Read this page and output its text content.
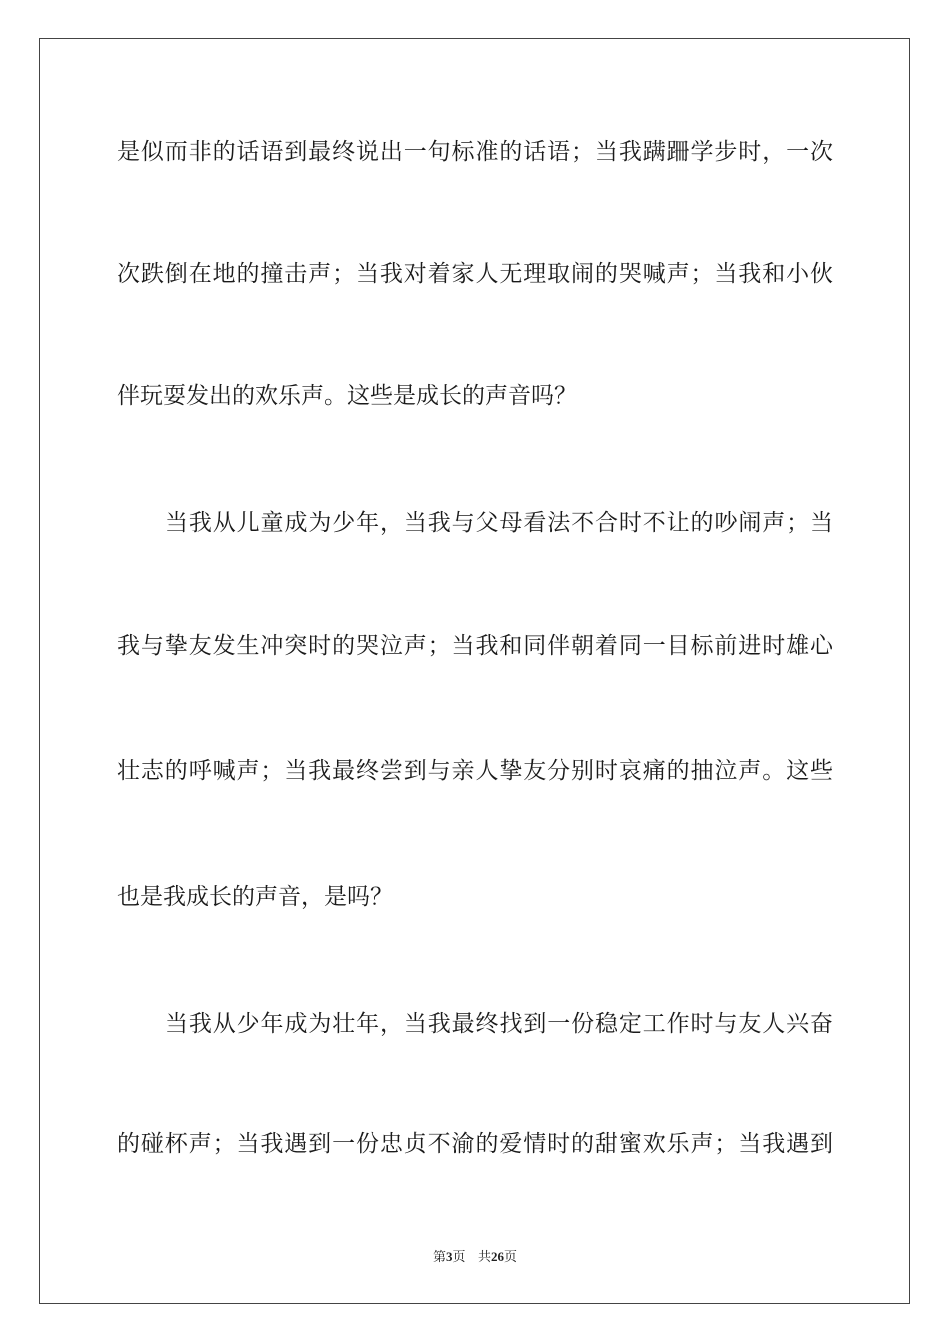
是似而非的话语到最终说出一句标准的话语；当我蹒跚学步时，一次
次跌倒在地的撞击声；当我对着家人无理取闹的哭喊声；当我和小伙
伴玩耍发出的欢乐声。这些是成长的声音吗？
当我从儿童成为少年，当我与父母看法不合时不让的吵闹声；当
我与挚友发生冲突时的哭泣声；当我和同伴朝着同一目标前进时雄心
壮志的呼喊声；当我最终尝到与亲人挚友分别时哀痛的抽泣声。这些
也是我成长的声音，是吗？
当我从少年成为壮年，当我最终找到一份稳定工作时与友人兴奋
的碰杯声；当我遇到一份忠贞不渝的爱情时的甜蜜欢乐声；当我遇到
第3页 共26页
